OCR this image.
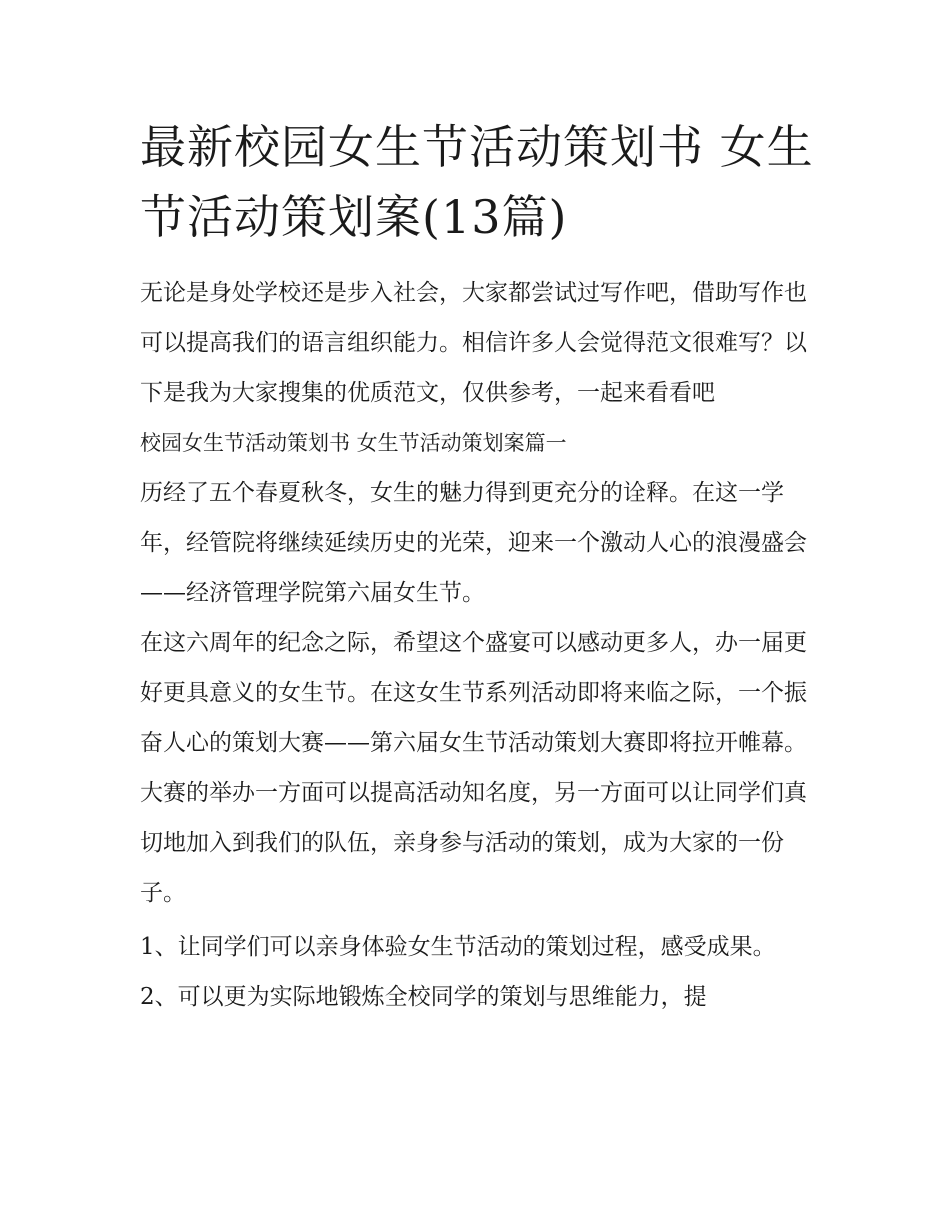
最新校园女生节活动策划书 女生节活动策划案(13篇)

无论是身处学校还是步入社会，大家都尝试过写作吧，借助写作也可以提高我们的语言组织能力。相信许多人会觉得范文很难写？以下是我为大家搜集的优质范文，仅供参考，一起来看看吧

校园女生节活动策划书 女生节活动策划案篇一

历经了五个春夏秋冬，女生的魅力得到更充分的诠释。在这一学年，经管院将继续延续历史的光荣，迎来一个激动人心的浪漫盛会——经济管理学院第六届女生节。

在这六周年的纪念之际，希望这个盛宴可以感动更多人，办一届更好更具意义的女生节。在这女生节系列活动即将来临之际，一个振奋人心的策划大赛——第六届女生节活动策划大赛即将拉开帷幕。大赛的举办一方面可以提高活动知名度，另一方面可以让同学们真切地加入到我们的队伍，亲身参与活动的策划，成为大家的一份子。

1、让同学们可以亲身体验女生节活动的策划过程，感受成果。 2、可以更为实际地锻炼全校同学的策划与思维能力，提
